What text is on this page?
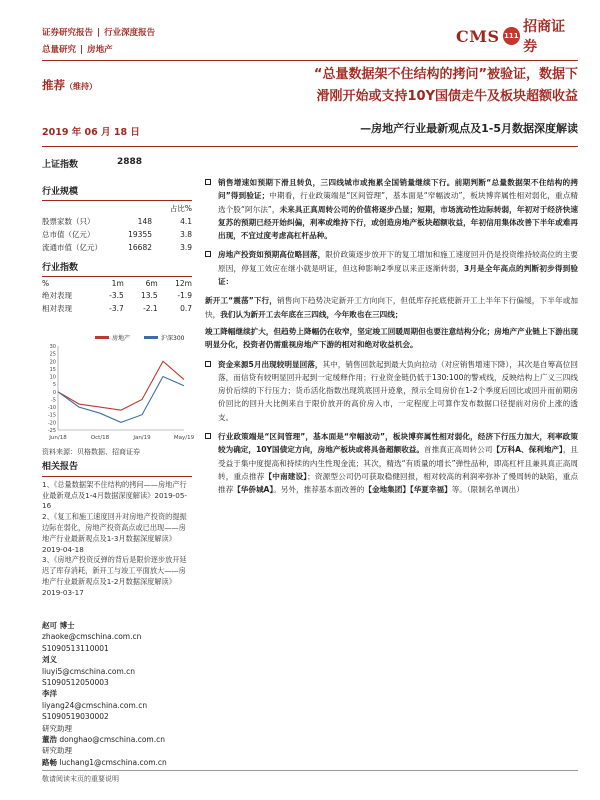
证券研究报告 | 行业深度报告
总量研究 | 房地产
CMS 111
招商证券
推荐（维持）
“总量数据架不住结构的拷问”被验证，数据下
滑刚开始或支持10Y国债走牛及板块超额收益
2019 年 06 月 18 日	—房地产行业最新观点及1-5月数据深度解读
上证指数	2888
行业规模
		占比%
股票家数（只）	148	4.1
总市值（亿元）	19355	3.8
流通市值（亿元）	16682	3.9
行业指数
%	1m	6m	12m
绝对表现	-3.5	13.5	-1.9
相对表现	-3.7	-2.1	0.7
房地产	沪深300
30
25
20
15
10
5
0
-5
-10
-15
-20
-25
Jun/18	Oct/18	Jan/19	May/19
资料来源：贝格数据、招商证券
相关报告
1、《总量数据架不住结构的拷问——房地产行业最新观点及1-4月数据深度解读》2019-05-16
2、《复工和施工速度回升对房地产投资的提振边际在弱化，房地产投资高点或已出现——房地产行业最新观点及1-3月数据深度解读》2019-04-18
3、《房地产投资反弹的背后是限价逐步放开延迟了库存消耗，新开工与竣工平面放大——房地产行业最新观点及1-2月数据深度解读》2019-03-17
赵可 博士
zhaoke@cmschina.com.cn
S1090513110001
刘义
liuyi5@cmschina.com.cn
S1090512050003
李洋
liyang24@cmschina.com.cn
S1090519030002
研究助理
董浩 donghao@cmschina.com.cn
研究助理
路畅 luchang1@cmschina.com.cn
销售增速如预期下滑且转负，三四线城市或拖累全国销量继续下行。前期判断“总量数据架不住结构的拷问”得到验证；中期看，行业政策端是“区间管理”，基本面是“窄幅波动”，板块博弈属性相对弱化，重点精选个股“阿尔法”，未来具正真周转公司的价值将逐步凸显；短期，市场流动性边际转弱，年初对于经济快速复苏的预期已经开始纠偏，利率或维持下行，或创造房地产板块超额收益，年初信用集体改善下半年或难再出现，不宜过度考虑高杠杆品种。
房地产投资如预期高位略回落，限价政策逐步放开下的复工增加和施工速度回升仍是投资维持较高位的主要原因，停复工效应在继小就是明证，但这种影响2季度以来正逐渐转弱，3月是全年高点的判断初步得到验证：
新开工“震荡”下行，销售向下趋势决定新开工方向向下，但低库存托底使新开工上半年下行偏缓，下半年或加快，我们认为新开工去年底在三四线，今年败也在三四线；
竣工降幅继续扩大，但趋势上降幅仍在收窄，坚定竣工回暖周期但也要注意结构分化；房地产产业链上下游出现明显分化，投资者仍需重视房地产下游的相对和绝对收益机会。
资金来源5月出现较明显回落，其中，销售回款起到最大负向拉动（对应销售增速下降），其次是自筹高位回落，而信贷有较明显回升起到一定缓释作用；行业资金链仍低于130:100的警戒线，反映结构上广义三四线房价后续的下行压力；货币活化指数出现筑底回升迹象，预示全局房价在1-2个季度后回比或回升而前期房价回比的回升大比例来自于限价放开的高价房入市，一定程度上可算作发布数据口径提前对房价上涨的透支。
行业政策端是“区间管理”，基本面是“窄幅波动”，板块博弈属性相对弱化，经济下行压力加大，利率政策较为确定，10Y国债定方向，房地产板块或将具备超额收益。首推真正高周转公司【万科A、保利地产】，且受益于集中度提高和持续的内生性现金流；其次，精选“有质量的增长”弹性品种，即高杠杆且兼具真正高周转，重点推荐【中南建设】；资源型公司仍可获取稳健回报，相对较高的利润率弥补了慢周转的缺陷，重点推荐【华侨城A】。另外，推荐基本面改善的【金地集团】【华夏幸福】等。（限制名单调出）
敬请阅读末页的重要说明
